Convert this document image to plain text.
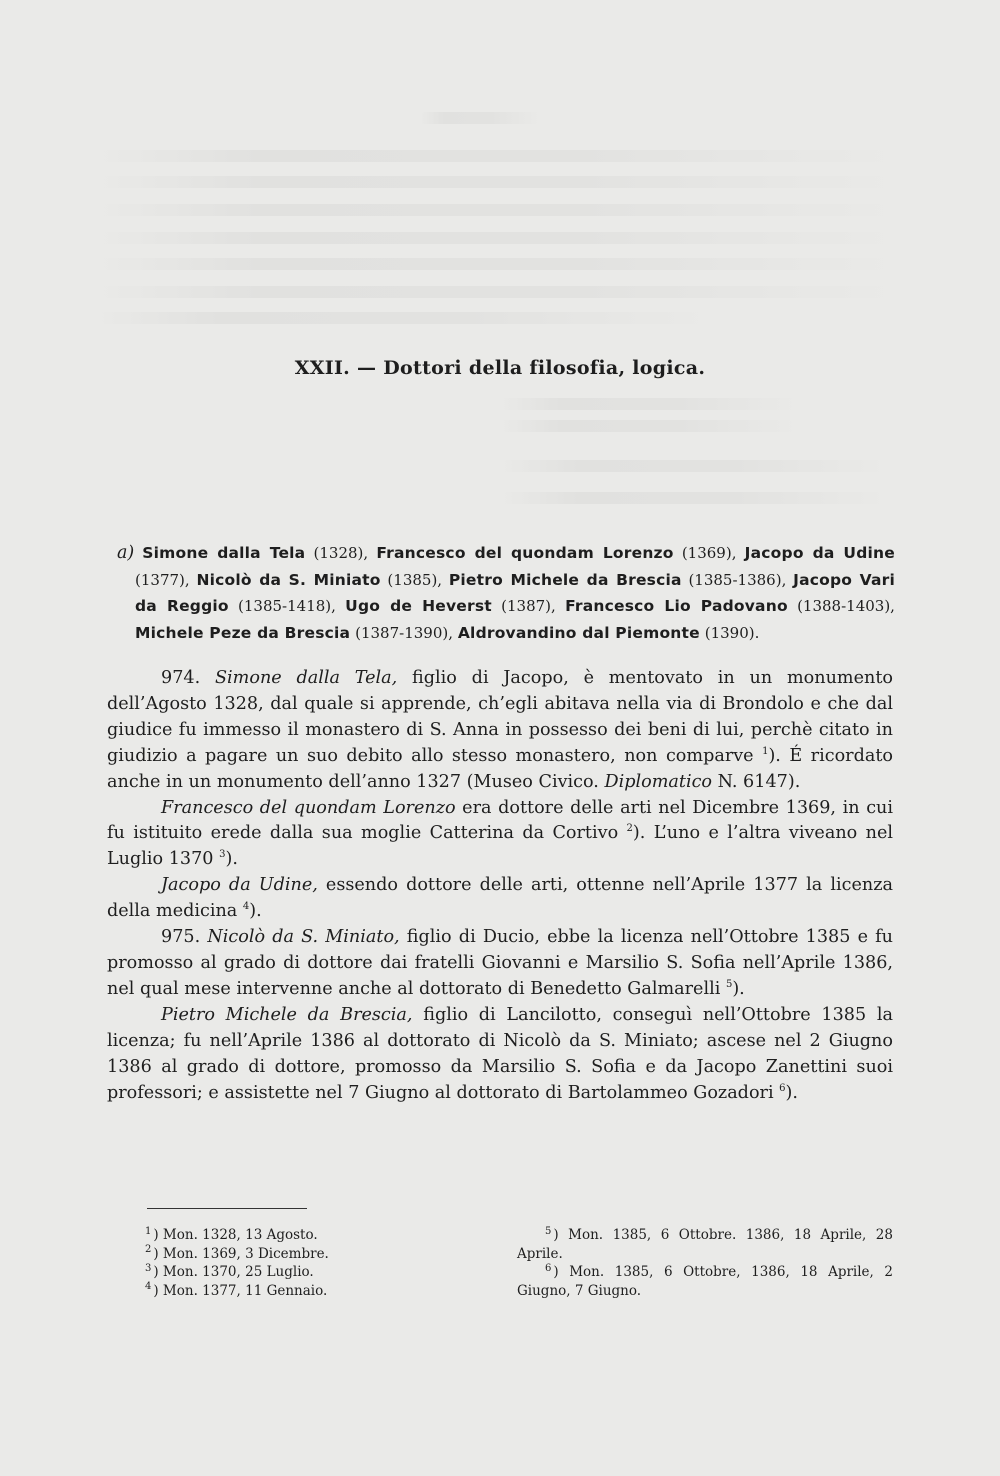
XXII. — Dottori della filosofia, logica.
a) Simone dalla Tela (1328), Francesco del quondam Lorenzo (1369), Jacopo da Udine (1377), Nicolò da S. Miniato (1385), Pietro Michele da Brescia (1385-1386), Jacopo Vari da Reggio (1385-1418), Ugo de Heverst (1387), Francesco Lio Padovano (1388-1403), Michele Peze da Brescia (1387-1390), Aldrovandino dal Piemonte (1390).

974. Simone dalla Tela, figlio di Jacopo, è mentovato in un monumento dell’Agosto 1328, dal quale si apprende, ch’egli abitava nella via di Brondolo e che dal giudice fu immesso il monastero di S. Anna in possesso dei beni di lui, perchè citato in giudizio a pagare un suo debito allo stesso monastero, non comparve $^1$). É ricordato anche in un monumento dell’anno 1327 (Museo Civico. Diplomatico N. 6147).

Francesco del quondam Lorenzo era dottore delle arti nel Dicembre 1369, in cui fu istituito erede dalla sua moglie Catterina da Cortivo $^2$). L’uno e l’altra viveano nel Luglio 1370 $^3$).

Jacopo da Udine, essendo dottore delle arti, ottenne nell’Aprile 1377 la licenza della medicina $^4$).

975. Nicolò da S. Miniato, figlio di Ducio, ebbe la licenza nell’Ottobre 1385 e fu promosso al grado di dottore dai fratelli Giovanni e Marsilio S. Sofia nell’Aprile 1386, nel qual mese intervenne anche al dottorato di Benedetto Galmarelli $^5$).

Pietro Michele da Brescia, figlio di Lancilotto, conseguì nell’Ottobre 1385 la licenza; fu nell’Aprile 1386 al dottorato di Nicolò da S. Miniato; ascese nel 2 Giugno 1386 al grado di dottore, promosso da Marsilio S. Sofia e da Jacopo Zanettini suoi professori; e assistette nel 7 Giugno al dottorato di Bartolammeo Gozadori $^6$).

$^1$ ) Mon. 1328, 13 Agosto.
$^2$ ) Mon. 1369, 3 Dicembre.
$^3$ ) Mon. 1370, 25 Luglio.
$^4$ ) Mon. 1377, 11 Gennaio.
$^5$ ) Mon. 1385, 6 Ottobre. 1386, 18 Aprile, 28 Aprile.
$^6$ ) Mon. 1385, 6 Ottobre, 1386, 18 Aprile, 2 Giugno, 7 Giugno.
